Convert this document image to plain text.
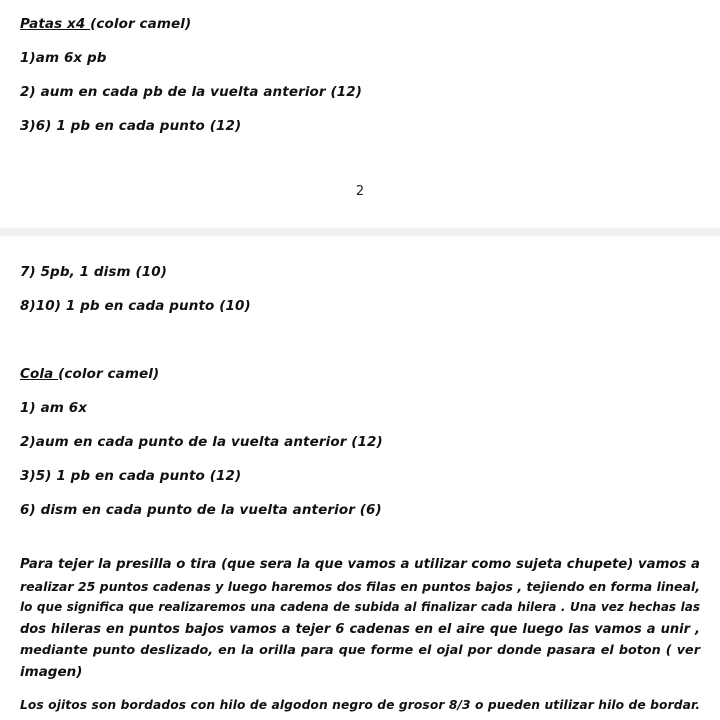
Patas x4 (color camel)

1)am 6x pb

2) aum en cada pb de la vuelta anterior (12)

3)6) 1 pb en cada punto (12)

2

7) 5pb, 1 dism (10)

8)10) 1 pb en cada punto (10)

Cola (color camel)

1) am 6x

2)aum en cada punto de la vuelta anterior (12)

3)5) 1 pb en cada punto (12)

6) dism en cada punto de la vuelta anterior (6)

Para tejer la presilla o tira (que sera la que vamos a utilizar como sujeta chupete) vamos a
realizar 25 puntos cadenas y luego haremos dos filas en puntos bajos , tejiendo en forma lineal,
lo que significa que realizaremos una cadena de subida al finalizar cada hilera . Una vez hechas las
dos hileras en puntos bajos vamos a tejer 6 cadenas en el aire que luego las vamos a unir ,
mediante punto deslizado, en la orilla para que forme el ojal por donde pasara el boton ( ver
imagen)

Los ojitos son bordados con hilo de algodon negro de grosor 8/3 o pueden utilizar hilo de bordar.
